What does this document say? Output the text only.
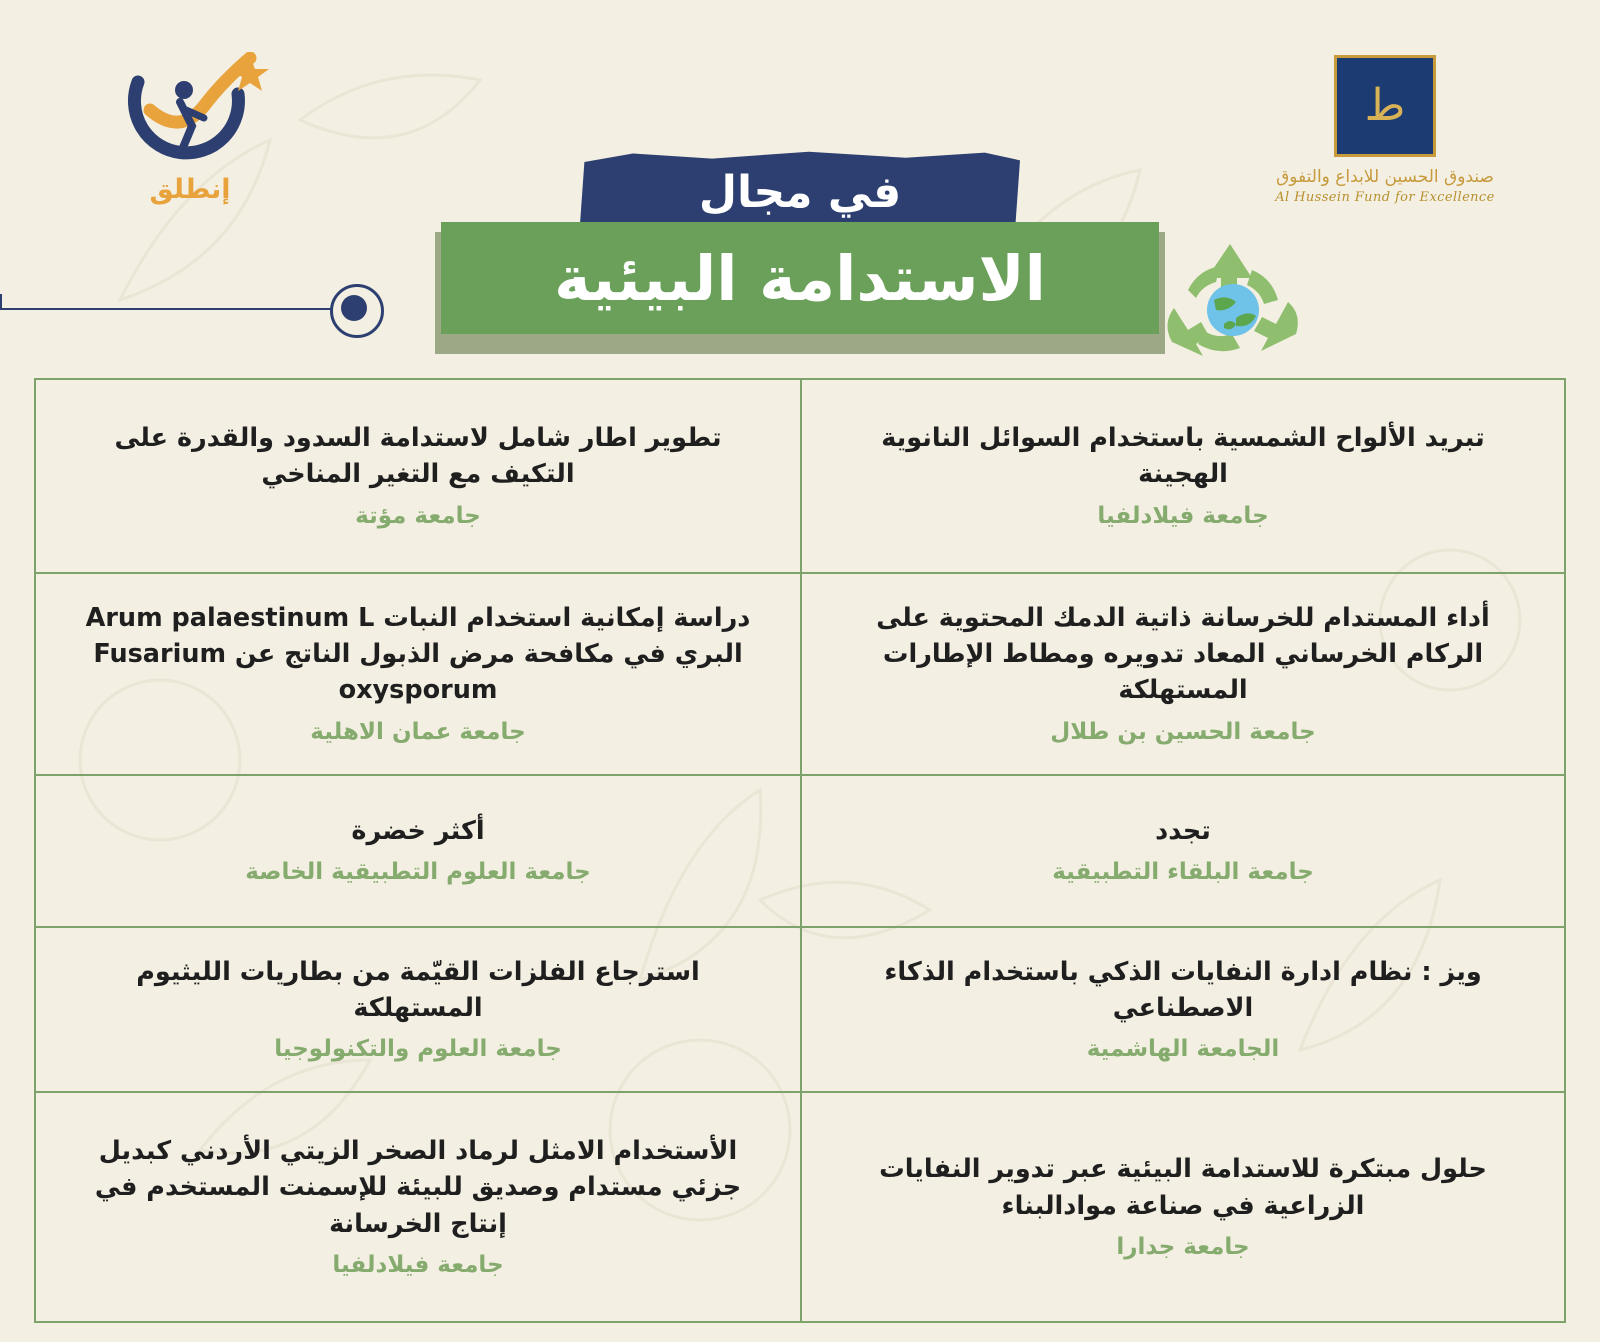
إنطلق
ط
صندوق الحسين للابداع والتفوق
Al Hussein Fund for Excellence
في مجال
الاستدامة البيئية
تبريد الألواح الشمسية باستخدام السوائل النانوية الهجينة
جامعة فيلادلفيا
تطوير اطار شامل لاستدامة السدود والقدرة على التكيف مع التغير المناخي
جامعة مؤتة
أداء المستدام للخرسانة ذاتية الدمك المحتوية على الركام الخرساني المعاد تدويره ومطاط الإطارات المستهلكة
جامعة الحسين بن طلال
دراسة إمكانية استخدام النبات Arum palaestinum L البري في مكافحة مرض الذبول الناتج عن Fusarium oxysporum
جامعة عمان الاهلية
تجدد
جامعة البلقاء التطبيقية
أكثر خضرة
جامعة العلوم التطبيقية الخاصة
ويز : نظام ادارة النفايات الذكي باستخدام الذكاء الاصطناعي
الجامعة الهاشمية
استرجاع الفلزات القيّمة من بطاريات الليثيوم المستهلكة
جامعة العلوم والتكنولوجيا
حلول مبتكرة للاستدامة البيئية عبر تدوير النفايات الزراعية في صناعة موادالبناء
جامعة جدارا
الأستخدام الامثل لرماد الصخر الزيتي الأردني كبديل جزئي مستدام وصديق للبيئة للإسمنت المستخدم في إنتاج الخرسانة
جامعة فيلادلفيا
